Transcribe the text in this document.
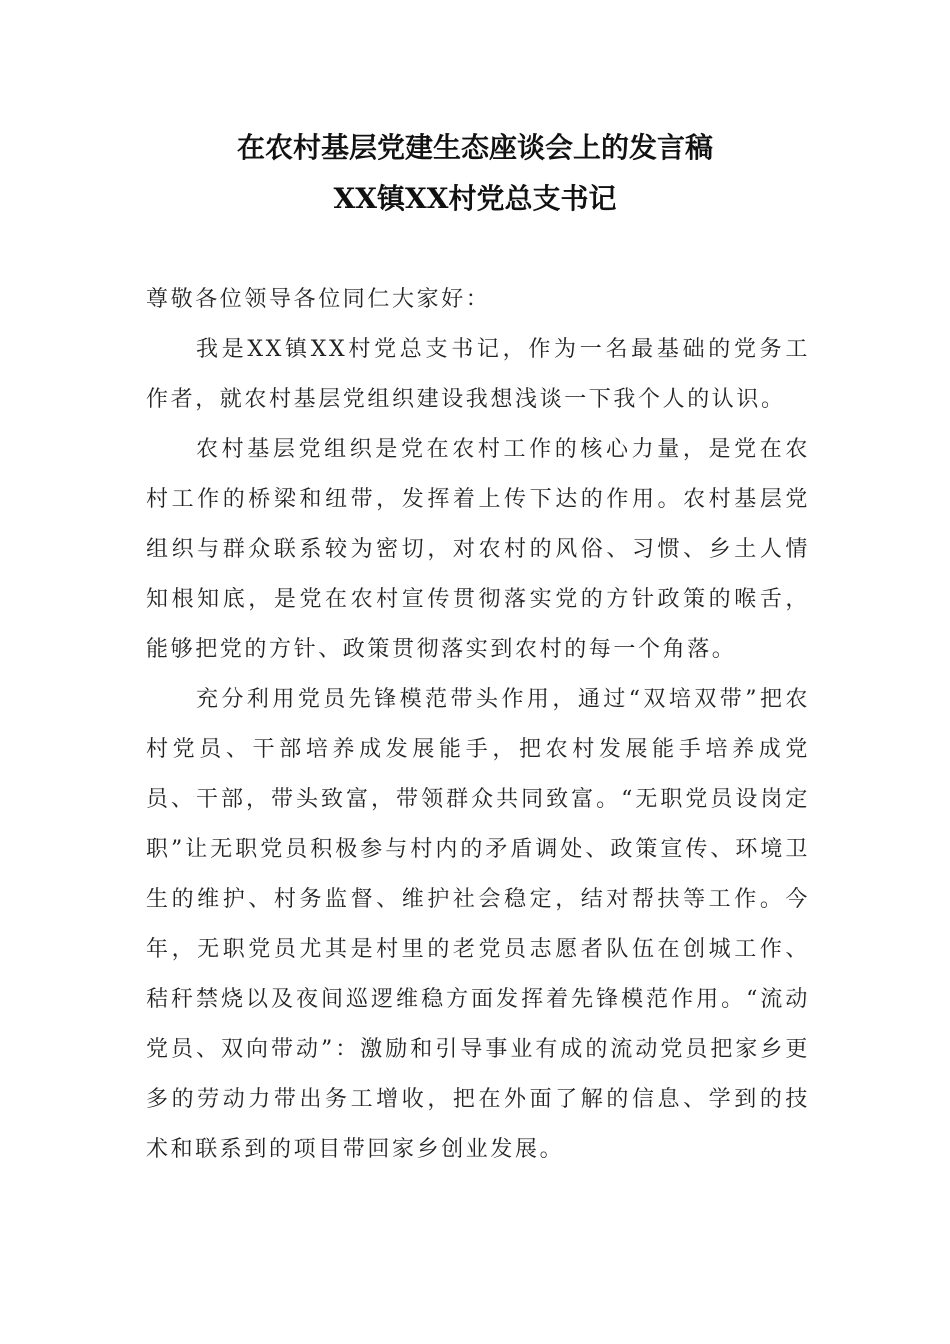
在农村基层党建生态座谈会上的发言稿
XX镇XX村党总支书记

尊敬各位领导各位同仁大家好：

我是XX镇XX村党总支书记，作为一名最基础的党务工作者，就农村基层党组织建设我想浅谈一下我个人的认识。

农村基层党组织是党在农村工作的核心力量，是党在农村工作的桥梁和纽带，发挥着上传下达的作用。农村基层党组织与群众联系较为密切，对农村的风俗、习惯、乡土人情知根知底，是党在农村宣传贯彻落实党的方针政策的喉舌，能够把党的方针、政策贯彻落实到农村的每一个角落。

充分利用党员先锋模范带头作用，通过“双培双带”把农村党员、干部培养成发展能手，把农村发展能手培养成党员、干部，带头致富，带领群众共同致富。“无职党员设岗定职”让无职党员积极参与村内的矛盾调处、政策宣传、环境卫生的维护、村务监督、维护社会稳定，结对帮扶等工作。今年，无职党员尤其是村里的老党员志愿者队伍在创城工作、秸秆禁烧以及夜间巡逻维稳方面发挥着先锋模范作用。“流动党员、双向带动”：激励和引导事业有成的流动党员把家乡更多的劳动力带出务工增收，把在外面了解的信息、学到的技术和联系到的项目带回家乡创业发展。
